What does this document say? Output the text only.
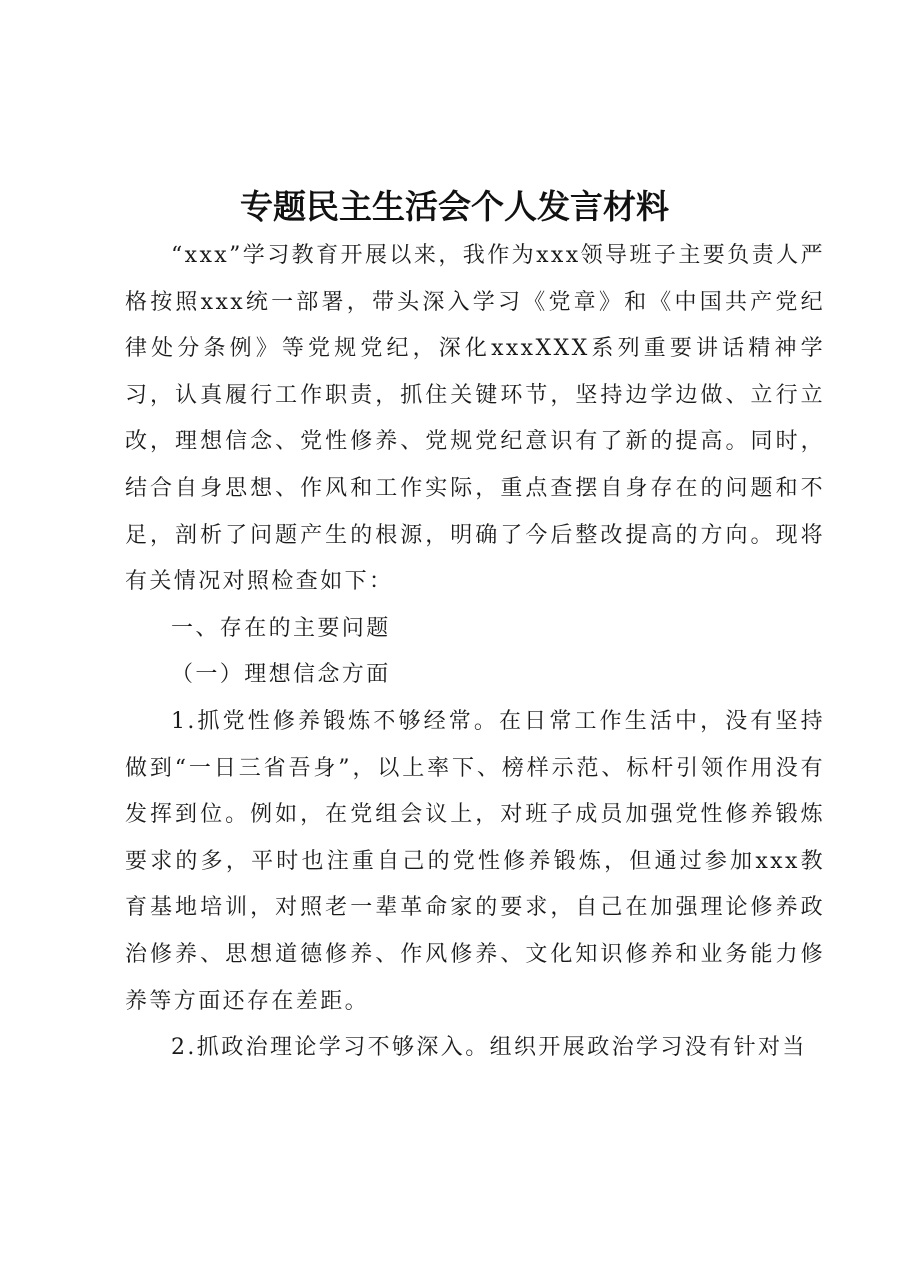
专题民主生活会个人发言材料

“xxx”学习教育开展以来，我作为xxx领导班子主要负责人严格按照xxx统一部署，带头深入学习《党章》和《中国共产党纪律处分条例》等党规党纪，深化xxxXXX系列重要讲话精神学习，认真履行工作职责，抓住关键环节，坚持边学边做、立行立改，理想信念、党性修养、党规党纪意识有了新的提高。同时，结合自身思想、作风和工作实际，重点查摆自身存在的问题和不足，剖析了问题产生的根源，明确了今后整改提高的方向。现将有关情况对照检查如下：

一、存在的主要问题

（一）理想信念方面

1.抓党性修养锻炼不够经常。在日常工作生活中，没有坚持做到“一日三省吾身”，以上率下、榜样示范、标杆引领作用没有发挥到位。例如，在党组会议上，对班子成员加强党性修养锻炼要求的多，平时也注重自己的党性修养锻炼，但通过参加xxx教育基地培训，对照老一辈革命家的要求，自己在加强理论修养政治修养、思想道德修养、作风修养、文化知识修养和业务能力修养等方面还存在差距。

2.抓政治理论学习不够深入。组织开展政治学习没有针对当
